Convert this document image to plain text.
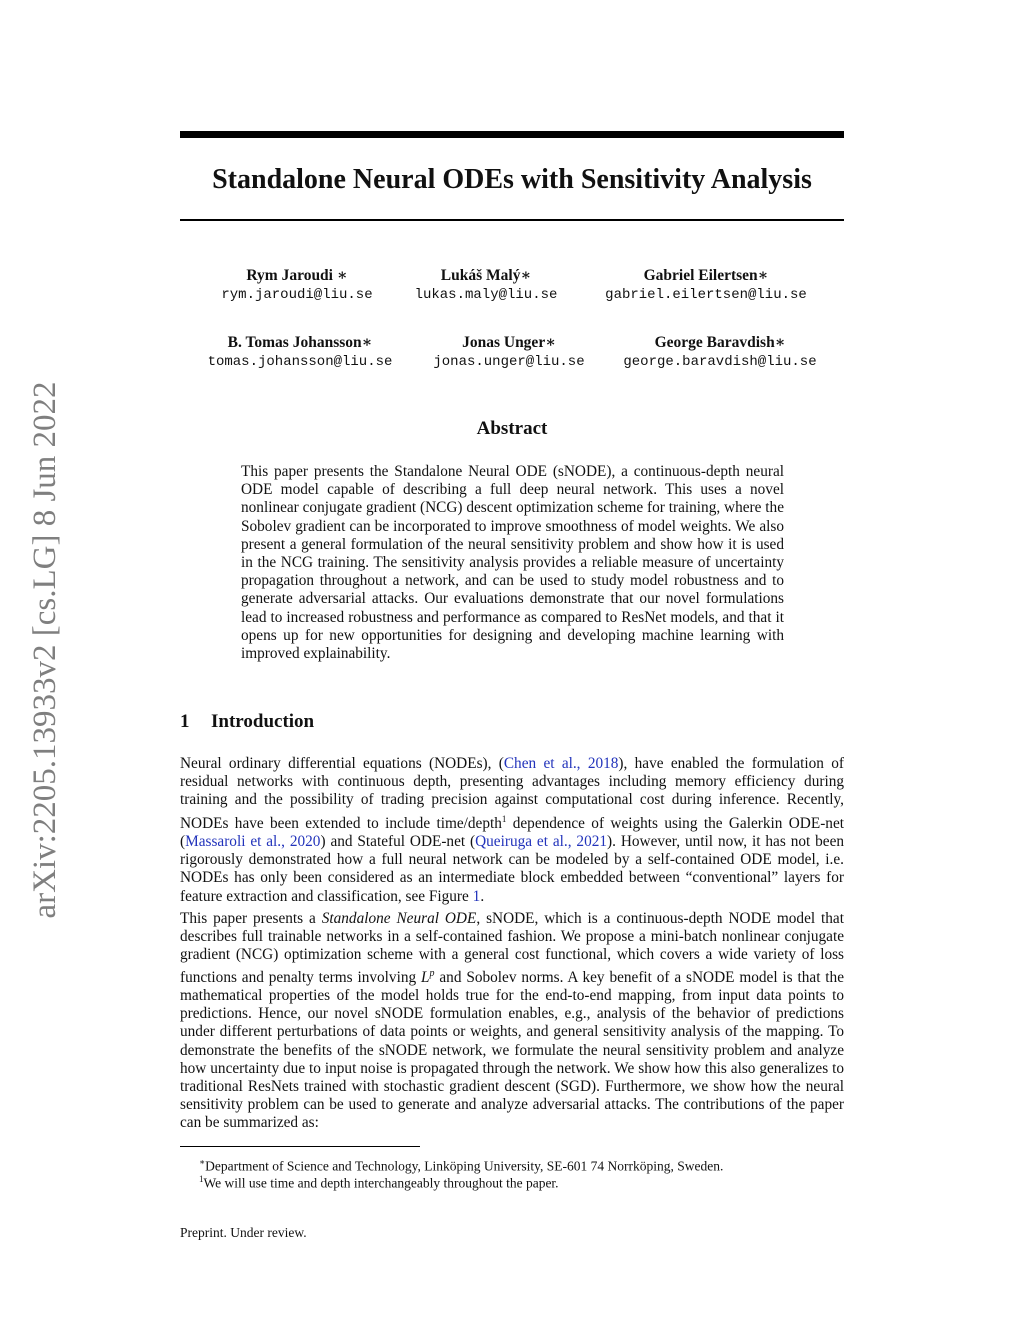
arXiv:2205.13933v2 [cs.LG] 8 Jun 2022
Standalone Neural ODEs with Sensitivity Analysis
Rym Jaroudi ∗
rym.jaroudi@liu.se
Lukáš Malý∗
lukas.maly@liu.se
Gabriel Eilertsen∗
gabriel.eilertsen@liu.se
B. Tomas Johansson∗
tomas.johansson@liu.se
Jonas Unger∗
jonas.unger@liu.se
George Baravdish∗
george.baravdish@liu.se
Abstract
This paper presents the Standalone Neural ODE (sNODE), a continuous-depth neural ODE model capable of describing a full deep neural network. This uses a novel nonlinear conjugate gradient (NCG) descent optimization scheme for training, where the Sobolev gradient can be incorporated to improve smoothness of model weights. We also present a general formulation of the neural sensitivity problem and show how it is used in the NCG training. The sensitivity analysis provides a reliable measure of uncertainty propagation throughout a network, and can be used to study model robustness and to generate adversarial attacks. Our evaluations demonstrate that our novel formulations lead to increased robustness and performance as compared to ResNet models, and that it opens up for new opportunities for designing and developing machine learning with improved explainability.
1 Introduction
Neural ordinary differential equations (NODEs), (Chen et al., 2018), have enabled the formulation of residual networks with continuous depth, presenting advantages including memory efficiency during training and the possibility of trading precision against computational cost during inference. Recently, NODEs have been extended to include time/depth$^1$ dependence of weights using the Galerkin ODE-net (Massaroli et al., 2020) and Stateful ODE-net (Queiruga et al., 2021). However, until now, it has not been rigorously demonstrated how a full neural network can be modeled by a self-contained ODE model, i.e. NODEs has only been considered as an intermediate block embedded between “conventional” layers for feature extraction and classification, see Figure 1.
This paper presents a Standalone Neural ODE, sNODE, which is a continuous-depth NODE model that describes full trainable networks in a self-contained fashion. We propose a mini-batch nonlinear conjugate gradient (NCG) optimization scheme with a general cost functional, which covers a wide variety of loss functions and penalty terms involving $L^p$ and Sobolev norms. A key benefit of a sNODE model is that the mathematical properties of the model holds true for the end-to-end mapping, from input data points to predictions. Hence, our novel sNODE formulation enables, e.g., analysis of the behavior of predictions under different perturbations of data points or weights, and general sensitivity analysis of the mapping. To demonstrate the benefits of the sNODE network, we formulate the neural sensitivity problem and analyze how uncertainty due to input noise is propagated through the network. We show how this also generalizes to traditional ResNets trained with stochastic gradient descent (SGD). Furthermore, we show how the neural sensitivity problem can be used to generate and analyze adversarial attacks. The contributions of the paper can be summarized as:
∗Department of Science and Technology, Linköping University, SE-601 74 Norrköping, Sweden.
$^1$We will use time and depth interchangeably throughout the paper.
Preprint. Under review.
